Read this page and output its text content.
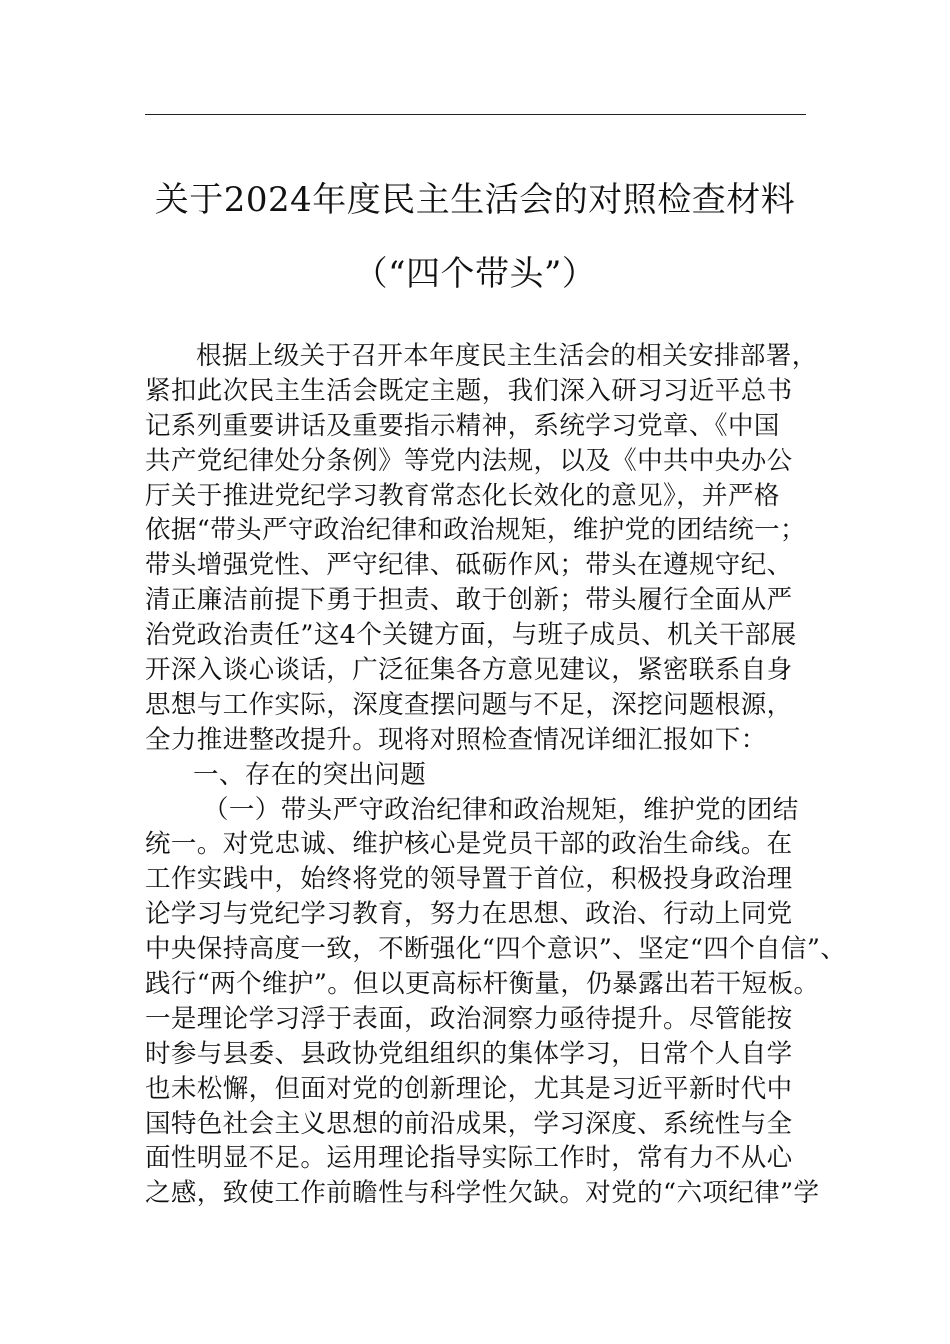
关于2024年度民主生活会的对照检查材料
（“四个带头”）
根据上级关于召开本年度民主生活会的相关安排部署，
紧扣此次民主生活会既定主题，我们深入研习习近平总书
记系列重要讲话及重要指示精神，系统学习党章、《中国
共产党纪律处分条例》等党内法规，以及《中共中央办公
厅关于推进党纪学习教育常态化长效化的意见》，并严格
依据“带头严守政治纪律和政治规矩，维护党的团结统一；
带头增强党性、严守纪律、砥砺作风；带头在遵规守纪、
清正廉洁前提下勇于担责、敢于创新；带头履行全面从严
治党政治责任”这4个关键方面，与班子成员、机关干部展
开深入谈心谈话，广泛征集各方意见建议，紧密联系自身
思想与工作实际，深度查摆问题与不足，深挖问题根源，
全力推进整改提升。现将对照检查情况详细汇报如下：
一、存在的突出问题
（一）带头严守政治纪律和政治规矩，维护党的团结
统一。对党忠诚、维护核心是党员干部的政治生命线。在
工作实践中，始终将党的领导置于首位，积极投身政治理
论学习与党纪学习教育，努力在思想、政治、行动上同党
中央保持高度一致，不断强化“四个意识”、坚定“四个自信”、
践行“两个维护”。但以更高标杆衡量，仍暴露出若干短板。
一是理论学习浮于表面，政治洞察力亟待提升。尽管能按
时参与县委、县政协党组组织的集体学习，日常个人自学
也未松懈，但面对党的创新理论，尤其是习近平新时代中
国特色社会主义思想的前沿成果，学习深度、系统性与全
面性明显不足。运用理论指导实际工作时，常有力不从心
之感，致使工作前瞻性与科学性欠缺。对党的“六项纪律”学
